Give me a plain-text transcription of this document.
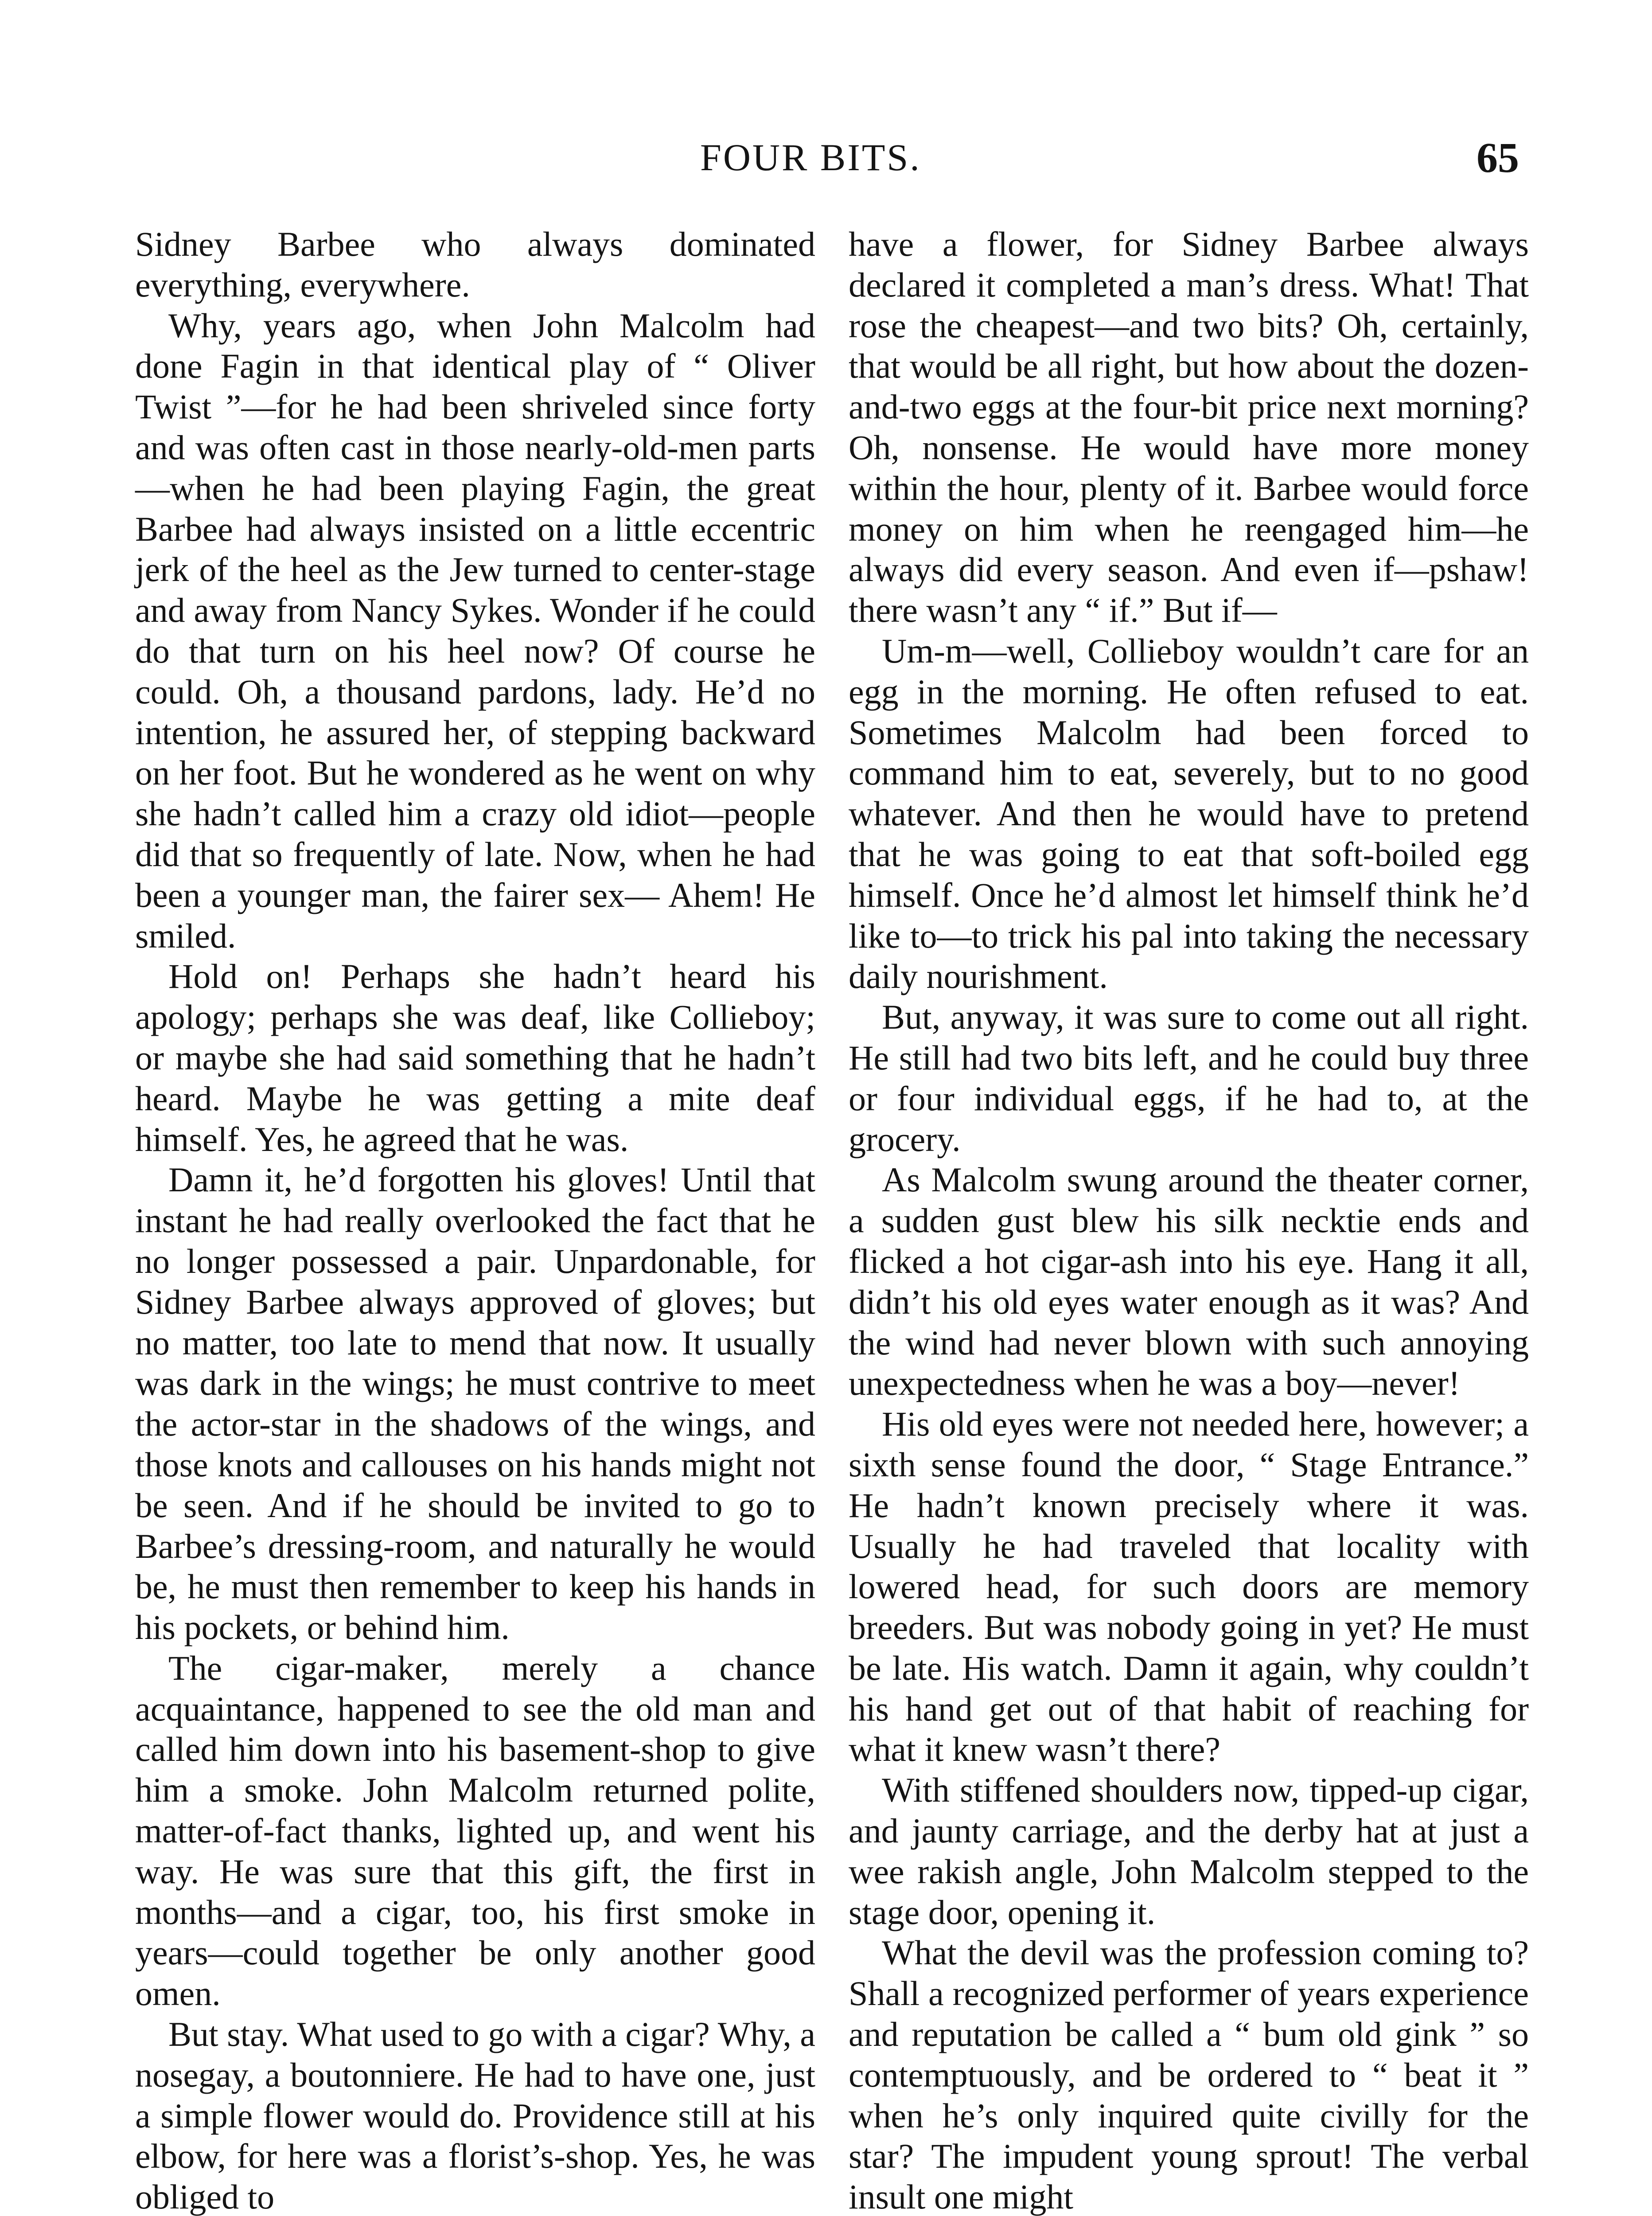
FOUR BITS.	65

Sidney Barbee who always dominated everything, everywhere.

Why, years ago, when John Malcolm had done Fagin in that identical play of “ Oliver Twist ”—for he had been shriveled since forty and was often cast in those nearly-old-men parts—when he had been playing Fagin, the great Barbee had always insisted on a little eccentric jerk of the heel as the Jew turned to center-stage and away from Nancy Sykes. Wonder if he could do that turn on his heel now? Of course he could. Oh, a thousand pardons, lady. He’d no intention, he assured her, of stepping backward on her foot. But he wondered as he went on why she hadn’t called him a crazy old idiot—people did that so frequently of late. Now, when he had been a younger man, the fairer sex— Ahem! He smiled.

Hold on! Perhaps she hadn’t heard his apology; perhaps she was deaf, like Collieboy; or maybe she had said something that he hadn’t heard. Maybe he was getting a mite deaf himself. Yes, he agreed that he was.

Damn it, he’d forgotten his gloves! Until that instant he had really overlooked the fact that he no longer possessed a pair. Unpardonable, for Sidney Barbee always approved of gloves; but no matter, too late to mend that now. It usually was dark in the wings; he must contrive to meet the actor-star in the shadows of the wings, and those knots and callouses on his hands might not be seen. And if he should be invited to go to Barbee’s dressing-room, and naturally he would be, he must then remember to keep his hands in his pockets, or behind him.

The cigar-maker, merely a chance acquaintance, happened to see the old man and called him down into his basement-shop to give him a smoke. John Malcolm returned polite, matter-of-fact thanks, lighted up, and went his way. He was sure that this gift, the first in months—and a cigar, too, his first smoke in years—could together be only another good omen.

But stay. What used to go with a cigar? Why, a nosegay, a boutonniere. He had to have one, just a simple flower would do. Providence still at his elbow, for here was a florist’s-shop. Yes, he was obliged to

have a flower, for Sidney Barbee always declared it completed a man’s dress. What! That rose the cheapest—and two bits? Oh, certainly, that would be all right, but how about the dozen-and-two eggs at the four-bit price next morning? Oh, nonsense. He would have more money within the hour, plenty of it. Barbee would force money on him when he reengaged him—he always did every season. And even if—pshaw! there wasn’t any “ if.” But if—

Um-m—well, Collieboy wouldn’t care for an egg in the morning. He often refused to eat. Sometimes Malcolm had been forced to command him to eat, severely, but to no good whatever. And then he would have to pretend that he was going to eat that soft-boiled egg himself. Once he’d almost let himself think he’d like to—to trick his pal into taking the necessary daily nourishment.

But, anyway, it was sure to come out all right. He still had two bits left, and he could buy three or four individual eggs, if he had to, at the grocery.

As Malcolm swung around the theater corner, a sudden gust blew his silk necktie ends and flicked a hot cigar-ash into his eye. Hang it all, didn’t his old eyes water enough as it was? And the wind had never blown with such annoying unexpectedness when he was a boy—never!

His old eyes were not needed here, however; a sixth sense found the door, “ Stage Entrance.” He hadn’t known precisely where it was. Usually he had traveled that locality with lowered head, for such doors are memory breeders. But was nobody going in yet? He must be late. His watch. Damn it again, why couldn’t his hand get out of that habit of reaching for what it knew wasn’t there?

With stiffened shoulders now, tipped-up cigar, and jaunty carriage, and the derby hat at just a wee rakish angle, John Malcolm stepped to the stage door, opening it.

What the devil was the profession coming to? Shall a recognized performer of years experience and reputation be called a “ bum old gink ” so contemptuously, and be ordered to “ beat it ” when he’s only inquired quite civilly for the star? The impudent young sprout! The verbal insult one might
